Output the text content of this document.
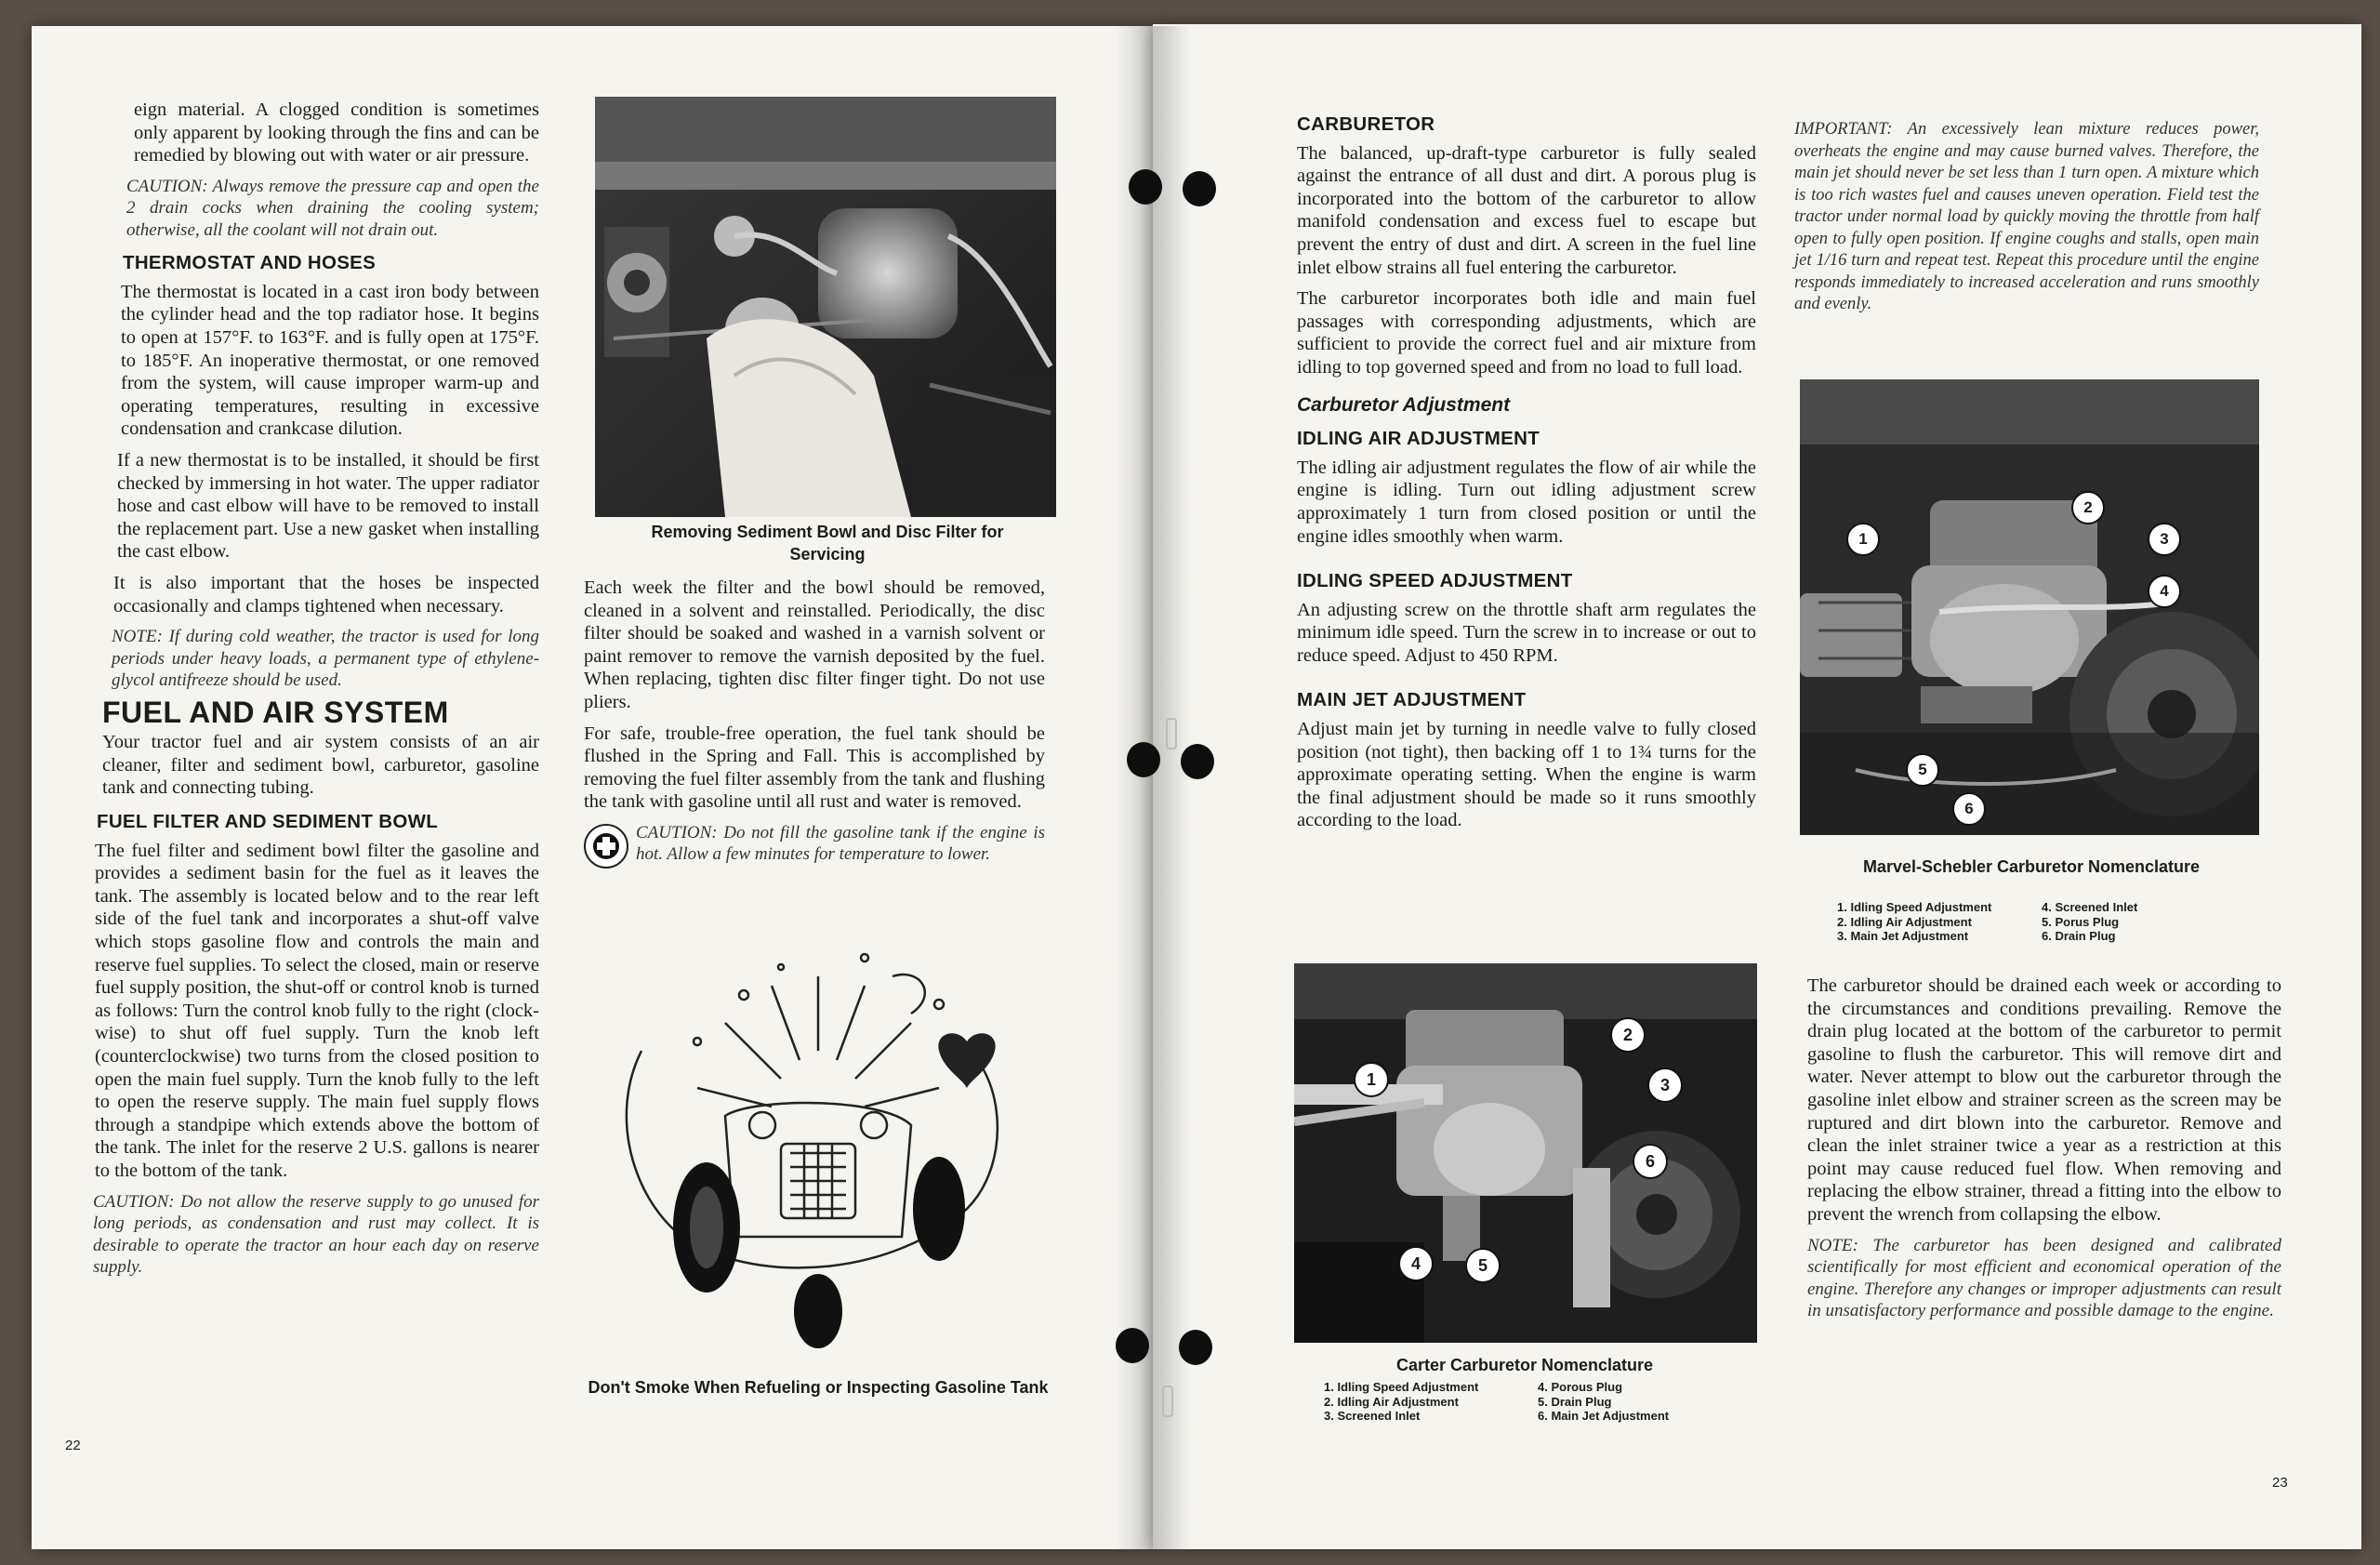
eign material. A clogged condition is sometimes only apparent by looking through the fins and can be remedied by blowing out with water or air pressure.

CAUTION: Always remove the pressure cap and open the 2 drain cocks when draining the cooling system; otherwise, all the coolant will not drain out.

THERMOSTAT AND HOSES

The thermostat is located in a cast iron body between the cylinder head and the top radiator hose. It begins to open at 157°F. to 163°F. and is fully open at 175°F. to 185°F. An inoperative thermostat, or one removed from the system, will cause improper warm-up and operating temperatures, resulting in excessive condensation and crankcase dilution.

If a new thermostat is to be installed, it should be first checked by immersing in hot water. The upper radiator hose and cast elbow will have to be removed to install the replacement part. Use a new gasket when installing the cast elbow.

It is also important that the hoses be inspected occasionally and clamps tightened when necessary.

NOTE: If during cold weather, the tractor is used for long periods under heavy loads, a permanent type of ethylene-glycol antifreeze should be used.

FUEL AND AIR SYSTEM

Your tractor fuel and air system consists of an air cleaner, filter and sediment bowl, carburetor, gasoline tank and connecting tubing.

FUEL FILTER AND SEDIMENT BOWL

The fuel filter and sediment bowl filter the gasoline and provides a sediment basin for the fuel as it leaves the tank. The assembly is located below and to the rear left side of the fuel tank and incorporates a shut-off valve which stops gasoline flow and controls the main and reserve fuel supplies. To select the closed, main or reserve fuel supply position, the shut-off or control knob is turned as follows: Turn the control knob fully to the right (clock-wise) to shut off fuel supply. Turn the knob left (counterclockwise) two turns from the closed position to open the main fuel supply. Turn the knob fully to the left to open the reserve supply. The main fuel supply flows through a standpipe which extends above the bottom of the tank. The inlet for the reserve 2 U.S. gallons is nearer to the bottom of the tank.

CAUTION: Do not allow the reserve supply to go unused for long periods, as condensation and rust may collect. It is desirable to operate the tractor an hour each day on reserve supply.

22
Removing Sediment Bowl and Disc Filter for Servicing

Each week the filter and the bowl should be removed, cleaned in a solvent and reinstalled. Periodically, the disc filter should be soaked and washed in a varnish solvent or paint remover to remove the varnish deposited by the fuel. When replacing, tighten disc filter finger tight. Do not use pliers.

For safe, trouble-free operation, the fuel tank should be flushed in the Spring and Fall. This is accomplished by removing the fuel filter assembly from the tank and flushing the tank with gasoline until all rust and water is removed.

CAUTION: Do not fill the gasoline tank if the engine is hot. Allow a few minutes for temperature to lower.

Don't Smoke When Refueling or Inspecting Gasoline Tank
CARBURETOR

The balanced, up-draft-type carburetor is fully sealed against the entrance of all dust and dirt. A porous plug is incorporated into the bottom of the carburetor to allow manifold condensation and excess fuel to escape but prevent the entry of dust and dirt. A screen in the fuel line inlet elbow strains all fuel entering the carburetor.

The carburetor incorporates both idle and main fuel passages with corresponding adjustments, which are sufficient to provide the correct fuel and air mixture from idling to top governed speed and from no load to full load.

Carburetor Adjustment
IDLING AIR ADJUSTMENT

The idling air adjustment regulates the flow of air while the engine is idling. Turn out idling adjustment screw approximately 1 turn from closed position or until the engine idles smoothly when warm.

IDLING SPEED ADJUSTMENT

An adjusting screw on the throttle shaft arm regulates the minimum idle speed. Turn the screw in to increase or out to reduce speed. Adjust to 450 RPM.

MAIN JET ADJUSTMENT

Adjust main jet by turning in needle valve to fully closed position (not tight), then backing off 1 to 1¾ turns for the approximate operating setting. When the engine is warm the final adjustment should be made so it runs smoothly according to the load.

1
2
3
4	5
6
Carter Carburetor Nomenclature
1. Idling Speed Adjustment	4. Porous Plug
2. Idling Air Adjustment	5. Drain Plug
3. Screened Inlet	6. Main Jet Adjustment

IMPORTANT: An excessively lean mixture reduces power, overheats the engine and may cause burned valves. Therefore, the main jet should never be set less than 1 turn open. A mixture which is too rich wastes fuel and causes uneven operation. Field test the tractor under normal load by quickly moving the throttle from half open to fully open position. If engine coughs and stalls, open main jet 1/16 turn and repeat test. Repeat this procedure until the engine responds immediately to increased acceleration and runs smoothly and evenly.

1
2
3
4
5
6
Marvel-Schebler Carburetor Nomenclature
1. Idling Speed Adjustment	4. Screened Inlet
2. Idling Air Adjustment	5. Porus Plug
3. Main Jet Adjustment	6. Drain Plug

The carburetor should be drained each week or according to the circumstances and conditions prevailing. Remove the drain plug located at the bottom of the carburetor to permit gasoline to flush the carburetor. This will remove dirt and water. Never attempt to blow out the carburetor through the gasoline inlet elbow and strainer screen as the screen may be ruptured and dirt blown into the carburetor. Remove and clean the inlet strainer twice a year as a restriction at this point may cause reduced fuel flow. When removing and replacing the elbow strainer, thread a fitting into the elbow to prevent the wrench from collapsing the elbow.

NOTE: The carburetor has been designed and calibrated scientifically for most efficient and economical operation of the engine. Therefore any changes or improper adjustments can result in unsatisfactory performance and possible damage to the engine.

23
